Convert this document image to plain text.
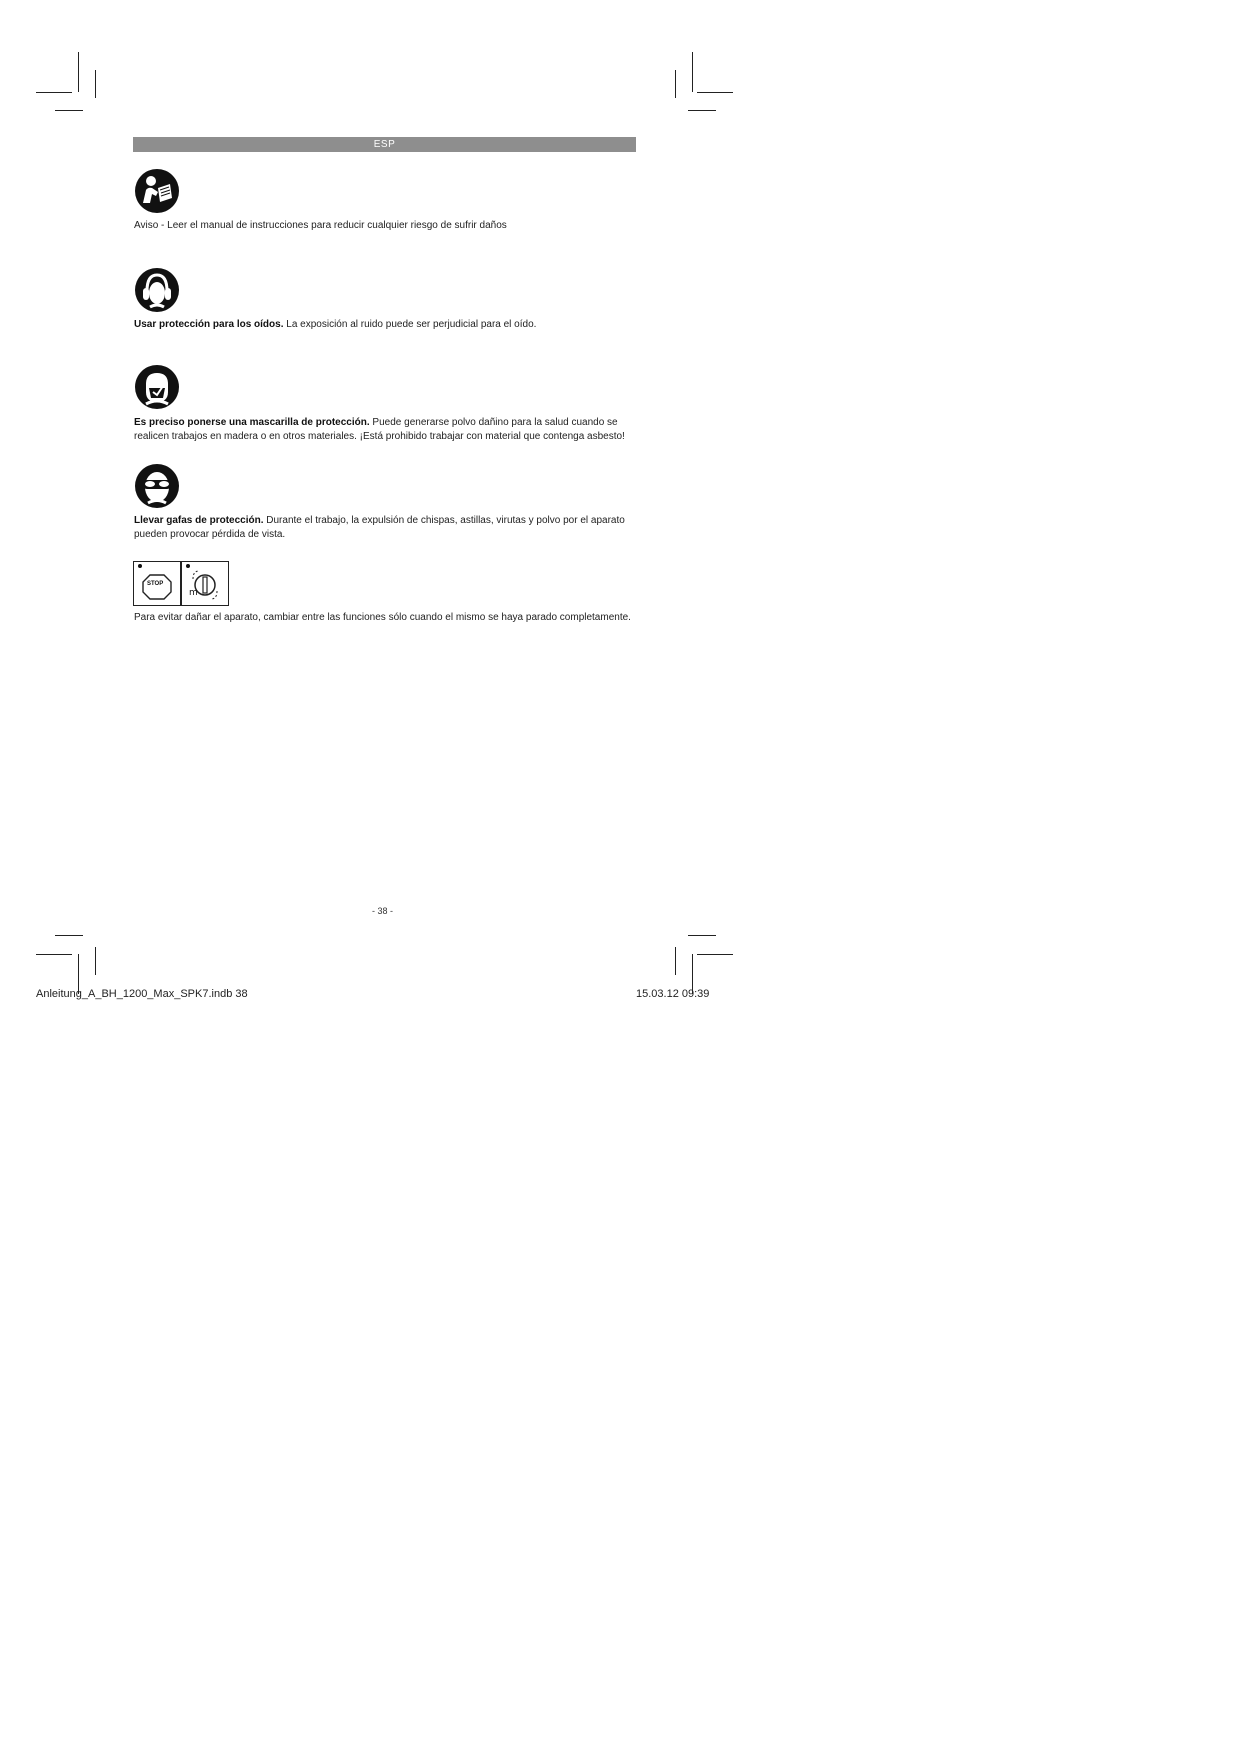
ESP
Aviso - Leer el manual de instrucciones para reducir cualquier riesgo de sufrir daños
Usar protección para los oídos. La exposición al ruido puede ser perjudicial para el oído.
Es preciso ponerse una mascarilla de protección. Puede generarse polvo dañino para la salud cuando se realicen trabajos en madera o en otros materiales. ¡Está prohibido trabajar con material que contenga asbesto!
Llevar gafas de protección. Durante el trabajo, la expulsión de chispas, astillas, virutas y polvo por el aparato pueden provocar pérdida de vista.
m
STOP
Para evitar dañar el aparato, cambiar entre las funciones sólo cuando el mismo se haya parado completamente.
- 38 -
Anleitung_A_BH_1200_Max_SPK7.indb 38	15.03.12 09:39
